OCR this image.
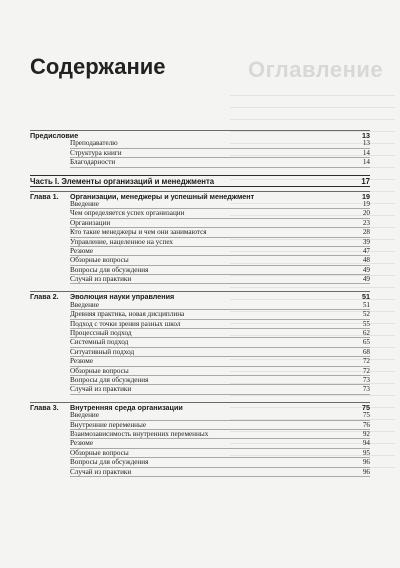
Оглавление
Содержание
Предисловие	13
Преподавателю	13
Структура книги	14
Благодарности	14
Часть I. Элементы организаций и менеджмента	17
Глава 1. Организации, менеджеры и успешный менеджмент	19
Введение	19
Чем определяется успех организации	20
Организации	23
Кто такие менеджеры и чем они занимаются	28
Управление, нацеленное на успех	39
Резюме	47
Обзорные вопросы	48
Вопросы для обсуждения	49
Случай из практики	49
Глава 2. Эволюция науки управления	51
Введение	51
Древняя практика, новая дисциплина	52
Подход с точки зрения разных школ	55
Процессный подход	62
Системный подход	65
Ситуативный подход	68
Резюме	72
Обзорные вопросы	72
Вопросы для обсуждения	73
Случай из практики	73
Глава 3. Внутренняя среда организации	75
Введение	75
Внутренние переменные	76
Взаимозависимость внутренних переменных	92
Резюме	94
Обзорные вопросы	95
Вопросы для обсуждения	96
Случай из практики	96
